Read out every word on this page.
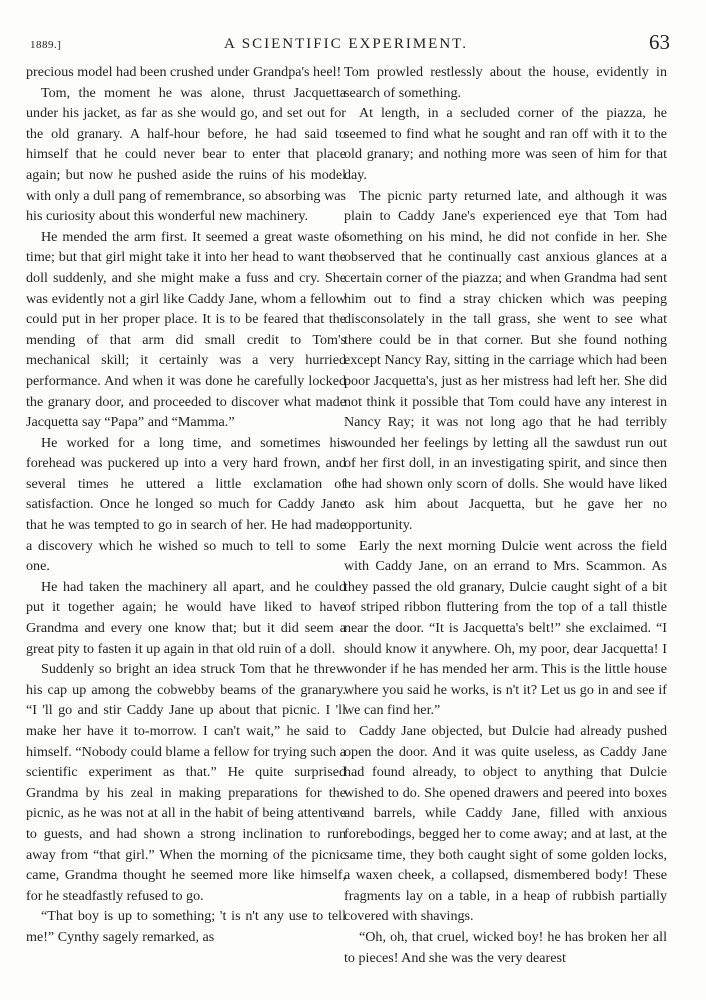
1889.]	A SCIENTIFIC EXPERIMENT.	63

precious model had been crushed under Grandpa's heel!

Tom, the moment he was alone, thrust Jacquetta under his jacket, as far as she would go, and set out for the old granary. A half-hour before, he had said to himself that he could never bear to enter that place again; but now he pushed aside the ruins of his model with only a dull pang of remembrance, so absorbing was his curiosity about this wonderful new machinery.

He mended the arm first. It seemed a great waste of time; but that girl might take it into her head to want the doll suddenly, and she might make a fuss and cry. She was evidently not a girl like Caddy Jane, whom a fellow could put in her proper place. It is to be feared that the mending of that arm did small credit to Tom's mechanical skill; it certainly was a very hurried performance. And when it was done he carefully locked the granary door, and proceeded to discover what made Jacquetta say “Papa” and “Mamma.”

He worked for a long time, and sometimes his forehead was puckered up into a very hard frown, and several times he uttered a little exclamation of satisfaction. Once he longed so much for Caddy Jane that he was tempted to go in search of her. He had made a discovery which he wished so much to tell to some one.

He had taken the machinery all apart, and he could put it together again; he would have liked to have Grandma and every one know that; but it did seem a great pity to fasten it up again in that old ruin of a doll.

Suddenly so bright an idea struck Tom that he threw his cap up among the cobwebby beams of the granary. “I 'll go and stir Caddy Jane up about that picnic. I 'll make her have it to-morrow. I can't wait,” he said to himself. “Nobody could blame a fellow for trying such a scientific experiment as that.” He quite surprised Grandma by his zeal in making preparations for the picnic, as he was not at all in the habit of being attentive to guests, and had shown a strong inclination to run away from “that girl.” When the morning of the picnic came, Grandma thought he seemed more like himself, for he steadfastly refused to go.

“That boy is up to something; 't is n't any use to tell me!” Cynthy sagely remarked, as

Tom prowled restlessly about the house, evidently in search of something.

At length, in a secluded corner of the piazza, he seemed to find what he sought and ran off with it to the old granary; and nothing more was seen of him for that day.

The picnic party returned late, and although it was plain to Caddy Jane's experienced eye that Tom had something on his mind, he did not confide in her. She observed that he continually cast anxious glances at a certain corner of the piazza; and when Grandma had sent him out to find a stray chicken which was peeping disconsolately in the tall grass, she went to see what there could be in that corner. But she found nothing except Nancy Ray, sitting in the carriage which had been poor Jacquetta's, just as her mistress had left her. She did not think it possible that Tom could have any interest in Nancy Ray; it was not long ago that he had terribly wounded her feelings by letting all the sawdust run out of her first doll, in an investigating spirit, and since then he had shown only scorn of dolls. She would have liked to ask him about Jacquetta, but he gave her no opportunity.

Early the next morning Dulcie went across the field with Caddy Jane, on an errand to Mrs. Scammon. As they passed the old granary, Dulcie caught sight of a bit of striped ribbon fluttering from the top of a tall thistle near the door. “It is Jacquetta's belt!” she exclaimed. “I should know it anywhere. Oh, my poor, dear Jacquetta! I wonder if he has mended her arm. This is the little house where you said he works, is n't it? Let us go in and see if we can find her.”

Caddy Jane objected, but Dulcie had already pushed open the door. And it was quite useless, as Caddy Jane had found already, to object to anything that Dulcie wished to do. She opened drawers and peered into boxes and barrels, while Caddy Jane, filled with anxious forebodings, begged her to come away; and at last, at the same time, they both caught sight of some golden locks, a waxen cheek, a collapsed, dismembered body! These fragments lay on a table, in a heap of rubbish partially covered with shavings.

“Oh, oh, that cruel, wicked boy! he has broken her all to pieces! And she was the very dearest
